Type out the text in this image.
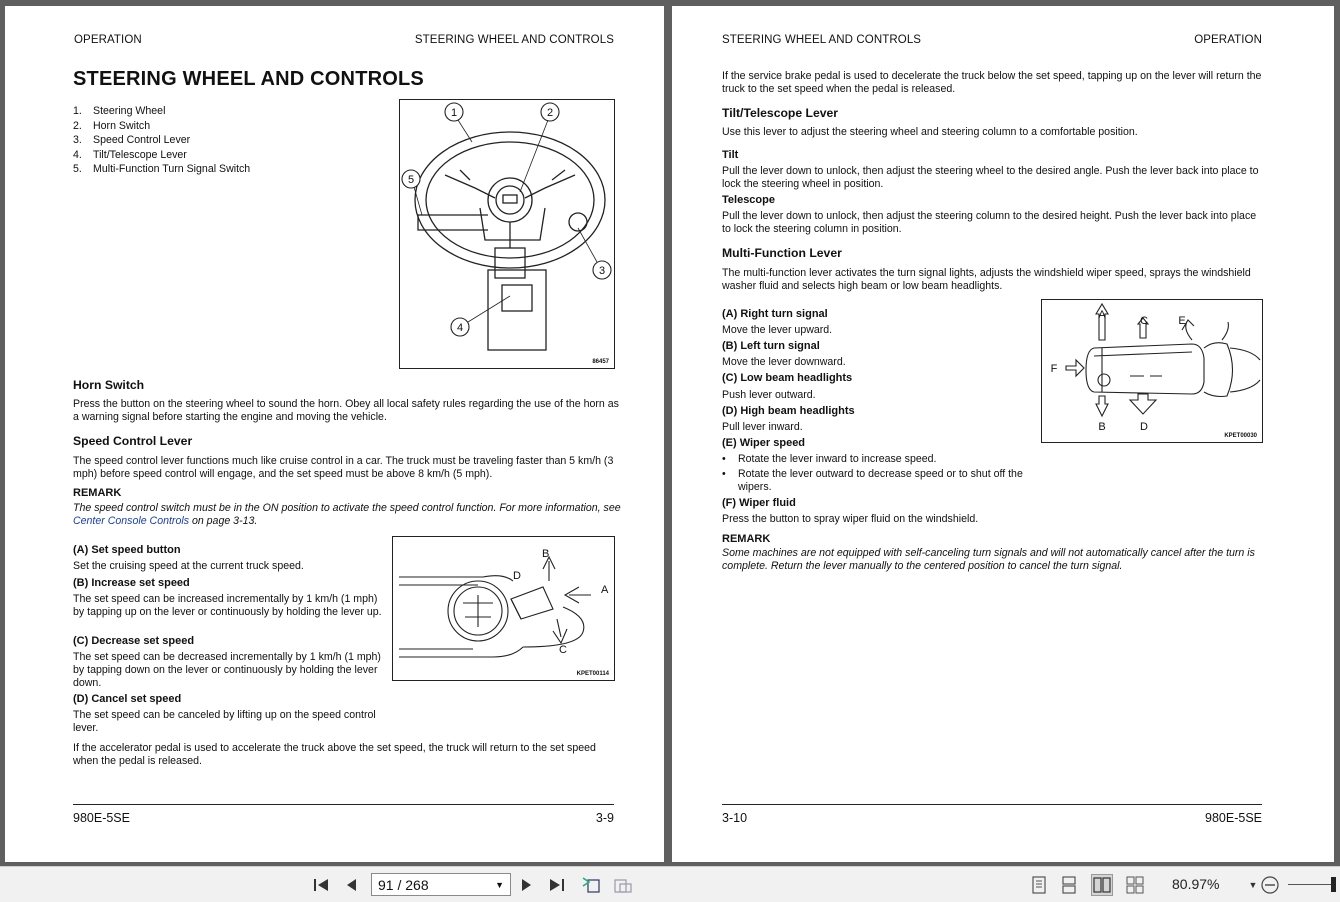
OPERATION	STEERING WHEEL AND CONTROLS
STEERING WHEEL AND CONTROLS
1.	Steering Wheel
2.	Horn Switch
3.	Speed Control Lever
4.	Tilt/Telescope Lever
5.	Multi-Function Turn Signal Switch
1	2
3
4
5
86457
Horn Switch
Press the button on the steering wheel to sound the horn. Obey all local safety rules regarding the use of the horn as a warning signal before starting the engine and moving the vehicle.
Speed Control Lever
The speed control lever functions much like cruise control in a car. The truck must be traveling faster than 5 km/h (3 mph) before speed control will engage, and the set speed must be above 8 km/h (5 mph).
REMARK
The speed control switch must be in the ON position to activate the speed control function. For more information, see Center Console Controls on page 3-13.
(A) Set speed button
Set the cruising speed at the current truck speed.
(B) Increase set speed
The set speed can be increased incrementally by 1 km/h (1 mph) by tapping up on the lever or continuously by holding the lever up.
(C) Decrease set speed
The set speed can be decreased incrementally by 1 km/h (1 mph) by tapping down on the lever or continuously by holding the lever down.
(D) Cancel set speed
The set speed can be canceled by lifting up on the speed control lever.
If the accelerator pedal is used to accelerate the truck above the set speed, the truck will return to the set speed when the pedal is released.
A
B
C
D
KPET00114
980E-5SE	3-9
STEERING WHEEL AND CONTROLS	OPERATION
If the service brake pedal is used to decelerate the truck below the set speed, tapping up on the lever will return the truck to the set speed when the pedal is released.
Tilt/Telescope Lever
Use this lever to adjust the steering wheel and steering column to a comfortable position.
Tilt
Pull the lever down to unlock, then adjust the steering wheel to the desired angle. Push the lever back into place to lock the steering wheel in position.
Telescope
Pull the lever down to unlock, then adjust the steering column to the desired height. Push the lever back into place to lock the steering column in position.
Multi-Function Lever
The multi-function lever activates the turn signal lights, adjusts the windshield wiper speed, sprays the windshield washer fluid and selects high beam or low beam headlights.
(A) Right turn signal
Move the lever upward.
(B) Left turn signal
Move the lever downward.
(C) Low beam headlights
Push lever outward.
(D) High beam headlights
Pull lever inward.
(E) Wiper speed
• Rotate the lever inward to increase speed.
• Rotate the lever outward to decrease speed or to shut off the wipers.
(F) Wiper fluid
Press the button to spray wiper fluid on the windshield.
REMARK
Some machines are not equipped with self-canceling turn signals and will not automatically cancel after the turn is complete. Return the lever manually to the centered position to cancel the turn signal.
A
B
C
D
E
F
KPET00030
3-10	980E-5SE
91 / 268	▼	80.97%	▼
